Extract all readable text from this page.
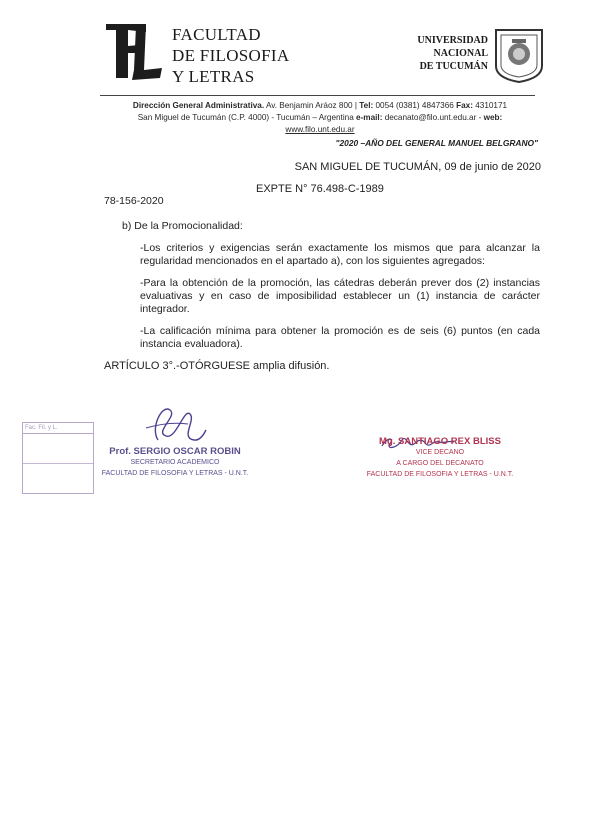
FACULTAD
DE FILOSOFIA
Y LETRAS
UNIVERSIDAD
NACIONAL
DE TUCUMÁN
Dirección General Administrativa. Av. Benjamin Aráoz 800 | Tel: 0054 (0381) 4847366 Fax: 4310171
San Miguel de Tucumán (C.P. 4000) - Tucumán – Argentina e-mail: decanato@filo.unt.edu.ar - web:
www.filo.unt.edu.ar
"2020 –AÑO DEL GENERAL MANUEL BELGRANO"
SAN MIGUEL DE TUCUMÁN, 09 de junio de 2020
EXPTE N° 76.498-C-1989
78-156-2020
b) De la Promocionalidad:
-Los criterios y exigencias serán exactamente los mismos que para alcanzar la regularidad mencionados en el apartado a), con los siguientes agregados:
-Para la obtención de la promoción, las cátedras deberán prever dos (2) instancias evaluativas y en caso de imposibilidad establecer un (1) instancia de carácter integrador.
-La calificación mínima para obtener la promoción es de seis (6) puntos (en cada instancia evaluadora).
ARTÍCULO 3°.-OTÓRGUESE amplia difusión.
Fac. Fil. y L.
Prof. SERGIO OSCAR ROBIN
SECRETARIO ACADEMICO
FACULTAD DE FILOSOFIA Y LETRAS - U.N.T.
Mg. SANTIAGO REX BLISS
VICE DECANO
A CARGO DEL DECANATO
FACULTAD DE FILOSOFIA Y LETRAS - U.N.T.
